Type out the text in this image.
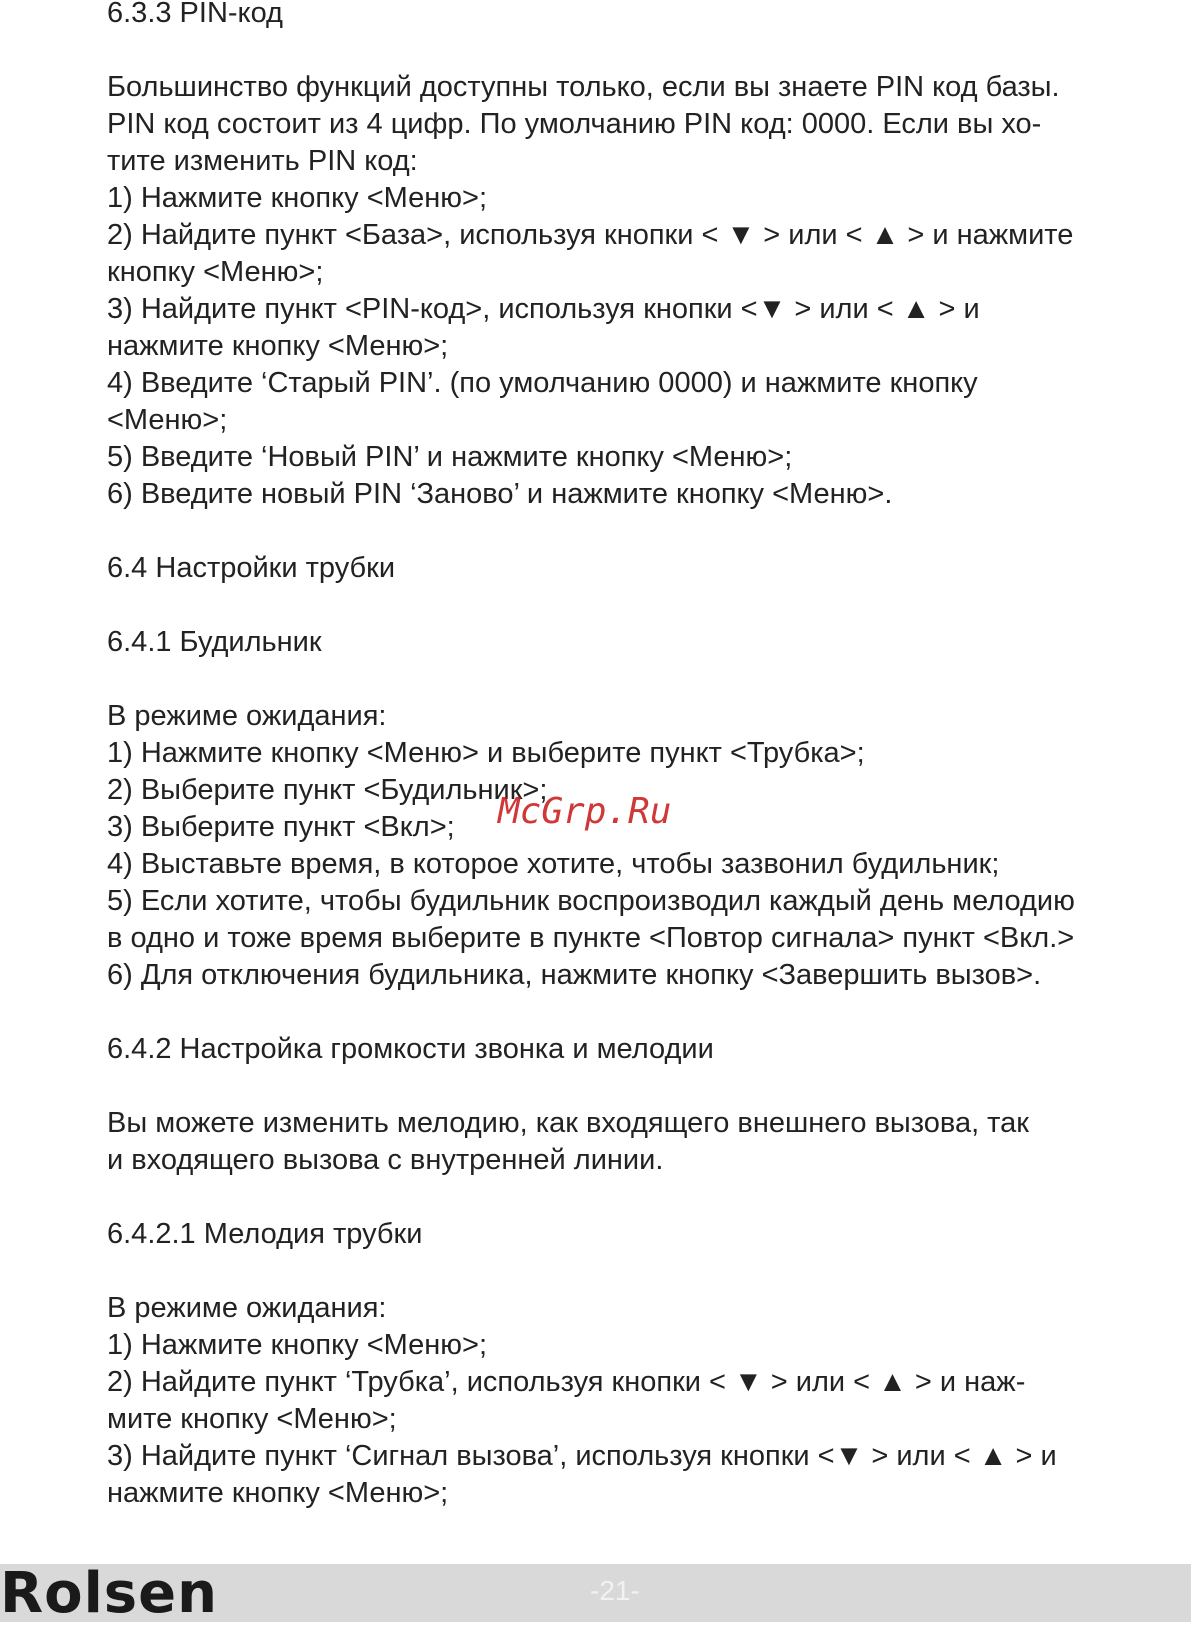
6.3.3 PIN-код
Большинство функций доступны только, если вы знаете PIN код базы.
PIN код состоит из 4 цифр. По умолчанию PIN код: 0000. Если вы хо-
тите изменить PIN код:
1) Нажмите кнопку <Меню>;
2) Найдите пункт <База>, используя кнопки < ▼ > или < ▲ > и нажмите
кнопку <Меню>;
3) Найдите пункт <PIN-код>, используя кнопки <▼ > или < ▲ > и
нажмите кнопку <Меню>;
4) Введите ‘Старый PIN’. (по умолчанию 0000) и нажмите кнопку
<Меню>;
5) Введите ‘Новый PIN’ и нажмите кнопку <Меню>;
6) Введите новый PIN ‘Заново’ и нажмите кнопку <Меню>.
6.4 Настройки трубки
6.4.1 Будильник
В режиме ожидания:
1) Нажмите кнопку <Меню> и выберите пункт <Трубка>;
2) Выберите пункт <Будильник>;
3) Выберите пункт <Вкл>;
4) Выставьте время, в которое хотите, чтобы зазвонил будильник;
5) Если хотите, чтобы будильник воспроизводил каждый день мелодию
в одно и тоже время выберите в пункте <Повтор сигнала> пункт <Вкл.>
6) Для отключения будильника, нажмите кнопку <Завершить вызов>.
6.4.2 Настройка громкости звонка и мелодии
Вы можете изменить мелодию, как входящего внешнего вызова, так
и входящего вызова с внутренней линии.
6.4.2.1 Мелодия трубки
В режиме ожидания:
1) Нажмите кнопку <Меню>;
2) Найдите пункт ‘Трубка’, используя кнопки < ▼ > или < ▲ > и наж-
мите кнопку <Меню>;
3) Найдите пункт ‘Сигнал вызова’, используя кнопки <▼ > или < ▲ > и
нажмите кнопку <Меню>;
McGrp.Ru
Rolsen	-21-
